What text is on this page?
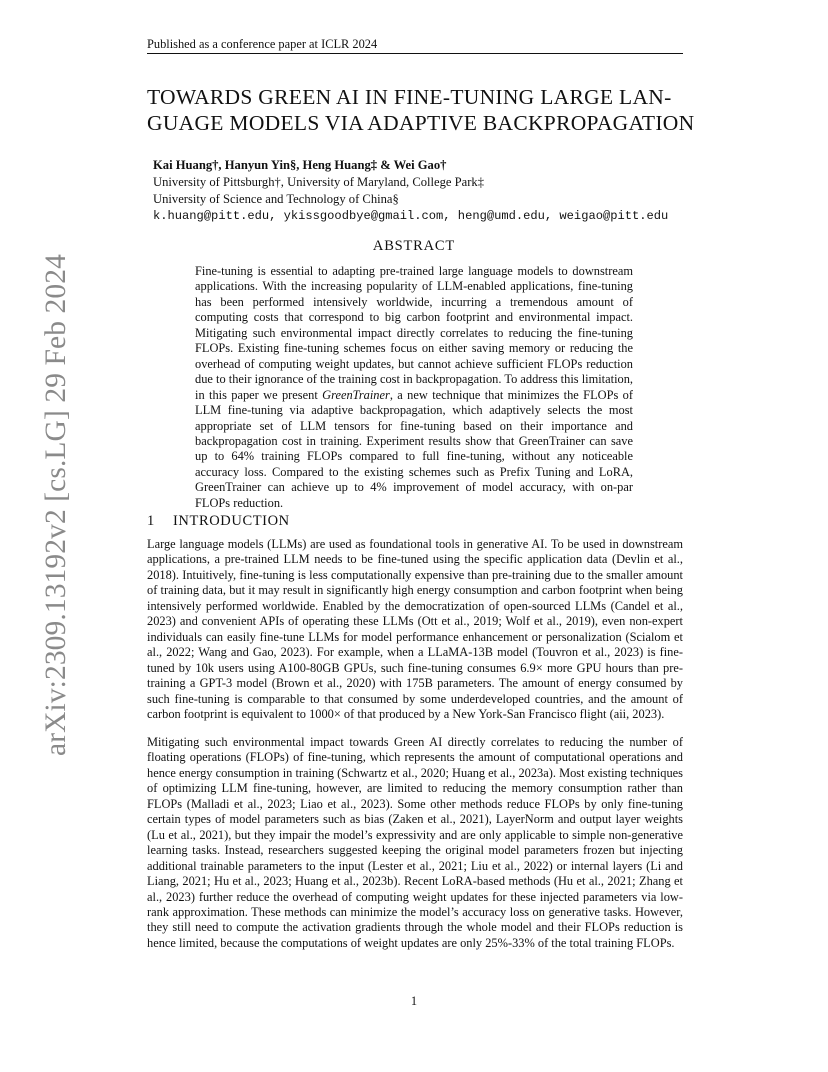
Published as a conference paper at ICLR 2024
arXiv:2309.13192v2 [cs.LG] 29 Feb 2024
TOWARDS GREEN AI IN FINE-TUNING LARGE LAN-
GUAGE MODELS VIA ADAPTIVE BACKPROPAGATION
Kai Huang†, Hanyun Yin§, Heng Huang‡ & Wei Gao†
University of Pittsburgh†, University of Maryland, College Park‡
University of Science and Technology of China§
k.huang@pitt.edu, ykissgoodbye@gmail.com, heng@umd.edu, weigao@pitt.edu
ABSTRACT
Fine-tuning is essential to adapting pre-trained large language models to downstream applications. With the increasing popularity of LLM-enabled applications, fine-tuning has been performed intensively worldwide, incurring a tremendous amount of computing costs that correspond to big carbon footprint and environmental impact. Mitigating such environmental impact directly correlates to reducing the fine-tuning FLOPs. Existing fine-tuning schemes focus on either saving memory or reducing the overhead of computing weight updates, but cannot achieve sufficient FLOPs reduction due to their ignorance of the training cost in backpropagation. To address this limitation, in this paper we present GreenTrainer, a new technique that minimizes the FLOPs of LLM fine-tuning via adaptive backpropagation, which adaptively selects the most appropriate set of LLM tensors for fine-tuning based on their importance and backpropagation cost in training. Experiment results show that GreenTrainer can save up to 64% training FLOPs compared to full fine-tuning, without any noticeable accuracy loss. Compared to the existing schemes such as Prefix Tuning and LoRA, GreenTrainer can achieve up to 4% improvement of model accuracy, with on-par FLOPs reduction.
1 INTRODUCTION
Large language models (LLMs) are used as foundational tools in generative AI. To be used in downstream applications, a pre-trained LLM needs to be fine-tuned using the specific application data (Devlin et al., 2018). Intuitively, fine-tuning is less computationally expensive than pre-training due to the smaller amount of training data, but it may result in significantly high energy consumption and carbon footprint when being intensively performed worldwide. Enabled by the democratization of open-sourced LLMs (Candel et al., 2023) and convenient APIs of operating these LLMs (Ott et al., 2019; Wolf et al., 2019), even non-expert individuals can easily fine-tune LLMs for model performance enhancement or personalization (Scialom et al., 2022; Wang and Gao, 2023). For example, when a LLaMA-13B model (Touvron et al., 2023) is fine-tuned by 10k users using A100-80GB GPUs, such fine-tuning consumes 6.9× more GPU hours than pre-training a GPT-3 model (Brown et al., 2020) with 175B parameters. The amount of energy consumed by such fine-tuning is comparable to that consumed by some underdeveloped countries, and the amount of carbon footprint is equivalent to 1000× of that produced by a New York-San Francisco flight (aii, 2023).
Mitigating such environmental impact towards Green AI directly correlates to reducing the number of floating operations (FLOPs) of fine-tuning, which represents the amount of computational operations and hence energy consumption in training (Schwartz et al., 2020; Huang et al., 2023a). Most existing techniques of optimizing LLM fine-tuning, however, are limited to reducing the memory consumption rather than FLOPs (Malladi et al., 2023; Liao et al., 2023). Some other methods reduce FLOPs by only fine-tuning certain types of model parameters such as bias (Zaken et al., 2021), LayerNorm and output layer weights (Lu et al., 2021), but they impair the model’s expressivity and are only applicable to simple non-generative learning tasks. Instead, researchers suggested keeping the original model parameters frozen but injecting additional trainable parameters to the input (Lester et al., 2021; Liu et al., 2022) or internal layers (Li and Liang, 2021; Hu et al., 2023; Huang et al., 2023b). Recent LoRA-based methods (Hu et al., 2021; Zhang et al., 2023) further reduce the overhead of computing weight updates for these injected parameters via low-rank approximation. These methods can minimize the model’s accuracy loss on generative tasks. However, they still need to compute the activation gradients through the whole model and their FLOPs reduction is hence limited, because the computations of weight updates are only 25%-33% of the total training FLOPs.
1
